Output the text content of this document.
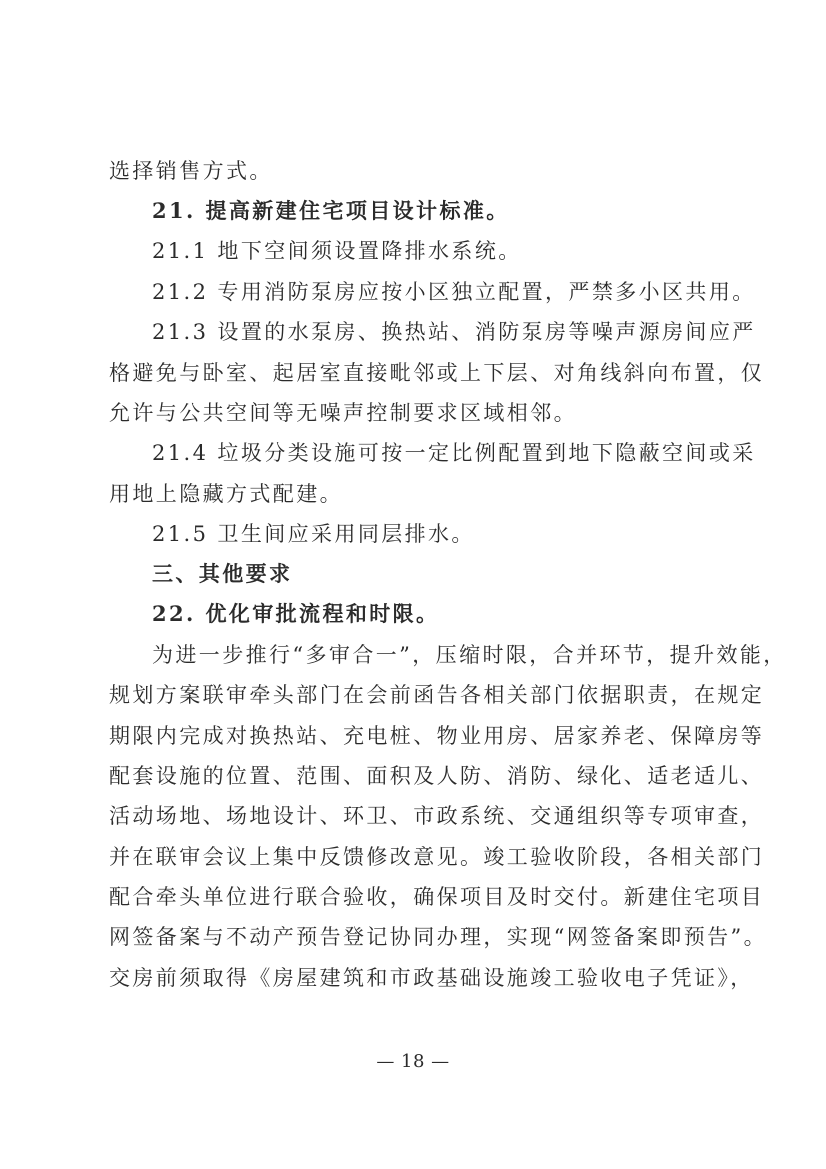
选择销售方式。
21. 提高新建住宅项目设计标准。
21.1 地下空间须设置降排水系统。
21.2 专用消防泵房应按小区独立配置，严禁多小区共用。
21.3 设置的水泵房、换热站、消防泵房等噪声源房间应严
格避免与卧室、起居室直接毗邻或上下层、对角线斜向布置，仅
允许与公共空间等无噪声控制要求区域相邻。
21.4 垃圾分类设施可按一定比例配置到地下隐蔽空间或采
用地上隐藏方式配建。
21.5 卫生间应采用同层排水。
三、其他要求
22. 优化审批流程和时限。
为进一步推行“多审合一”，压缩时限，合并环节，提升效能，
规划方案联审牵头部门在会前函告各相关部门依据职责，在规定
期限内完成对换热站、充电桩、物业用房、居家养老、保障房等
配套设施的位置、范围、面积及人防、消防、绿化、适老适儿、
活动场地、场地设计、环卫、市政系统、交通组织等专项审查，
并在联审会议上集中反馈修改意见。竣工验收阶段，各相关部门
配合牵头单位进行联合验收，确保项目及时交付。新建住宅项目
网签备案与不动产预告登记协同办理，实现“网签备案即预告”。
交房前须取得《房屋建筑和市政基础设施竣工验收电子凭证》，
— 18 —
